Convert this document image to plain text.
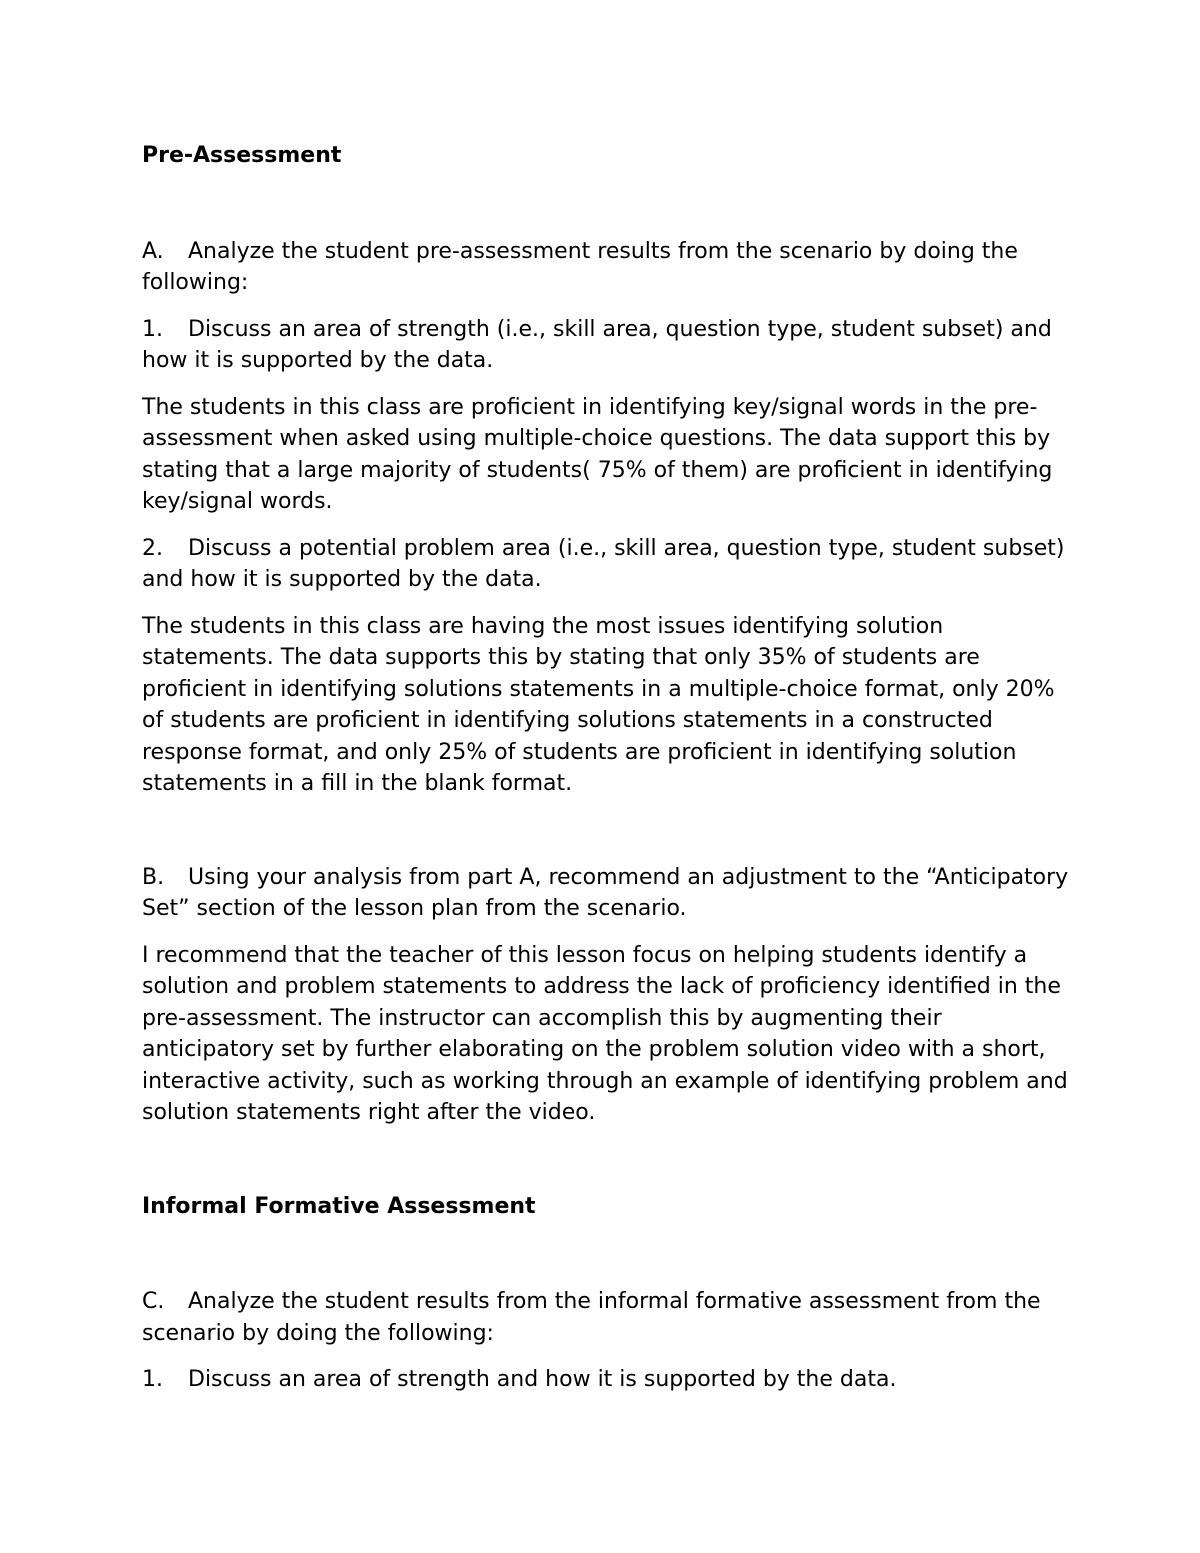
Pre-Assessment

A. Analyze the student pre-assessment results from the scenario by doing the following:

1. Discuss an area of strength (i.e., skill area, question type, student subset) and how it is supported by the data.

The students in this class are proficient in identifying key/signal words in the pre-assessment when asked using multiple-choice questions. The data support this by stating that a large majority of students( 75% of them) are proficient in identifying key/signal words.

2. Discuss a potential problem area (i.e., skill area, question type, student subset) and how it is supported by the data.

The students in this class are having the most issues identifying solution statements. The data supports this by stating that only 35% of students are proficient in identifying solutions statements in a multiple-choice format, only 20% of students are proficient in identifying solutions statements in a constructed response format, and only 25% of students are proficient in identifying solution statements in a fill in the blank format.

B. Using your analysis from part A, recommend an adjustment to the “Anticipatory Set” section of the lesson plan from the scenario.

I recommend that the teacher of this lesson focus on helping students identify a solution and problem statements to address the lack of proficiency identified in the pre-assessment. The instructor can accomplish this by augmenting their anticipatory set by further elaborating on the problem solution video with a short, interactive activity, such as working through an example of identifying problem and solution statements right after the video.

Informal Formative Assessment

C. Analyze the student results from the informal formative assessment from the scenario by doing the following:

1. Discuss an area of strength and how it is supported by the data.
